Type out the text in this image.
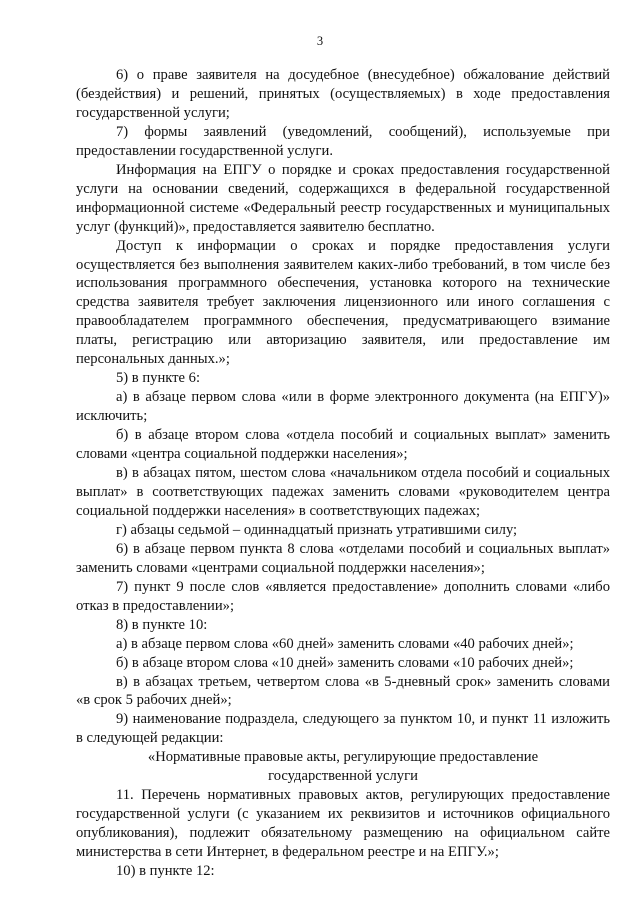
3

6) о праве заявителя на досудебное (внесудебное) обжалование действий (бездействия) и решений, принятых (осуществляемых) в ходе предоставления государственной услуги;

7) формы заявлений (уведомлений, сообщений), используемые при предоставлении государственной услуги.

Информация на ЕПГУ о порядке и сроках предоставления государственной услуги на основании сведений, содержащихся в федеральной государственной информационной системе «Федеральный реестр государственных и муниципальных услуг (функций)», предоставляется заявителю бесплатно.

Доступ к информации о сроках и порядке предоставления услуги осуществляется без выполнения заявителем каких-либо требований, в том числе без использования программного обеспечения, установка которого на технические средства заявителя требует заключения лицензионного или иного соглашения с правообладателем программного обеспечения, предусматривающего взимание платы, регистрацию или авторизацию заявителя, или предоставление им персональных данных.»;

5) в пункте 6:

а) в абзаце первом слова «или в форме электронного документа (на ЕПГУ)» исключить;

б) в абзаце втором слова «отдела пособий и социальных выплат» заменить словами «центра социальной поддержки населения»;

в) в абзацах пятом, шестом слова «начальником отдела пособий и социальных выплат» в соответствующих падежах заменить словами «руководителем центра социальной поддержки населения» в соответствующих падежах;

г) абзацы седьмой – одиннадцатый признать утратившими силу;

6) в абзаце первом пункта 8 слова «отделами пособий и социальных выплат» заменить словами «центрами социальной поддержки населения»;

7) пункт 9 после слов «является предоставление» дополнить словами «либо отказ в предоставлении»;

8) в пункте 10:

а) в абзаце первом слова «60 дней» заменить словами «40 рабочих дней»;

б) в абзаце втором слова «10 дней» заменить словами «10 рабочих дней»;

в) в абзацах третьем, четвертом слова «в 5-дневный срок» заменить словами «в срок 5 рабочих дней»;

9) наименование подраздела, следующего за пунктом 10, и пункт 11 изложить в следующей редакции:

«Нормативные правовые акты, регулирующие предоставление государственной услуги

11. Перечень нормативных правовых актов, регулирующих предоставление государственной услуги (с указанием их реквизитов и источников официального опубликования), подлежит обязательному размещению на официальном сайте министерства в сети Интернет, в федеральном реестре и на ЕПГУ.»;

10) в пункте 12:
